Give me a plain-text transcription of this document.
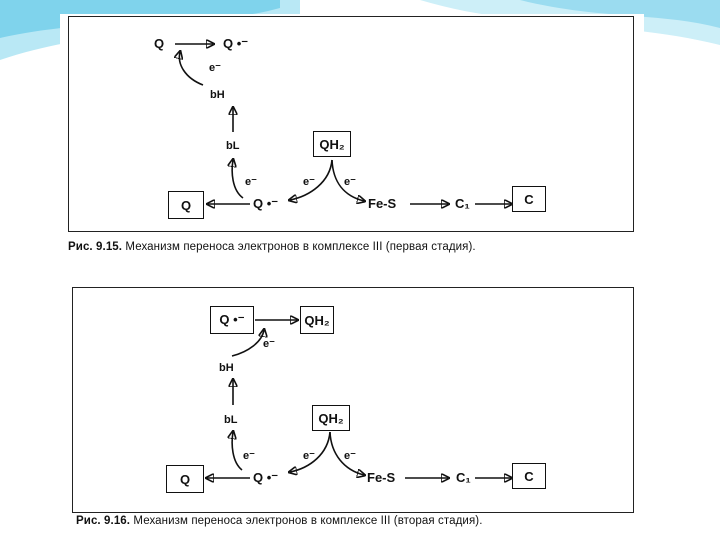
Q	Q •⁻
e⁻
bH
bL	QH₂
e⁻	e⁻	e⁻
Q	Q •⁻	Fe-S	C₁	C
Рис. 9.15. Механизм переноса электронов в комплексе III (первая стадия).
Q •⁻	QH₂
e⁻
bH
bL	QH₂
e⁻	e⁻	e⁻
Q	Q •⁻	Fe-S	C₁	C
Рис. 9.16. Механизм переноса электронов в комплексе III (вторая стадия).
